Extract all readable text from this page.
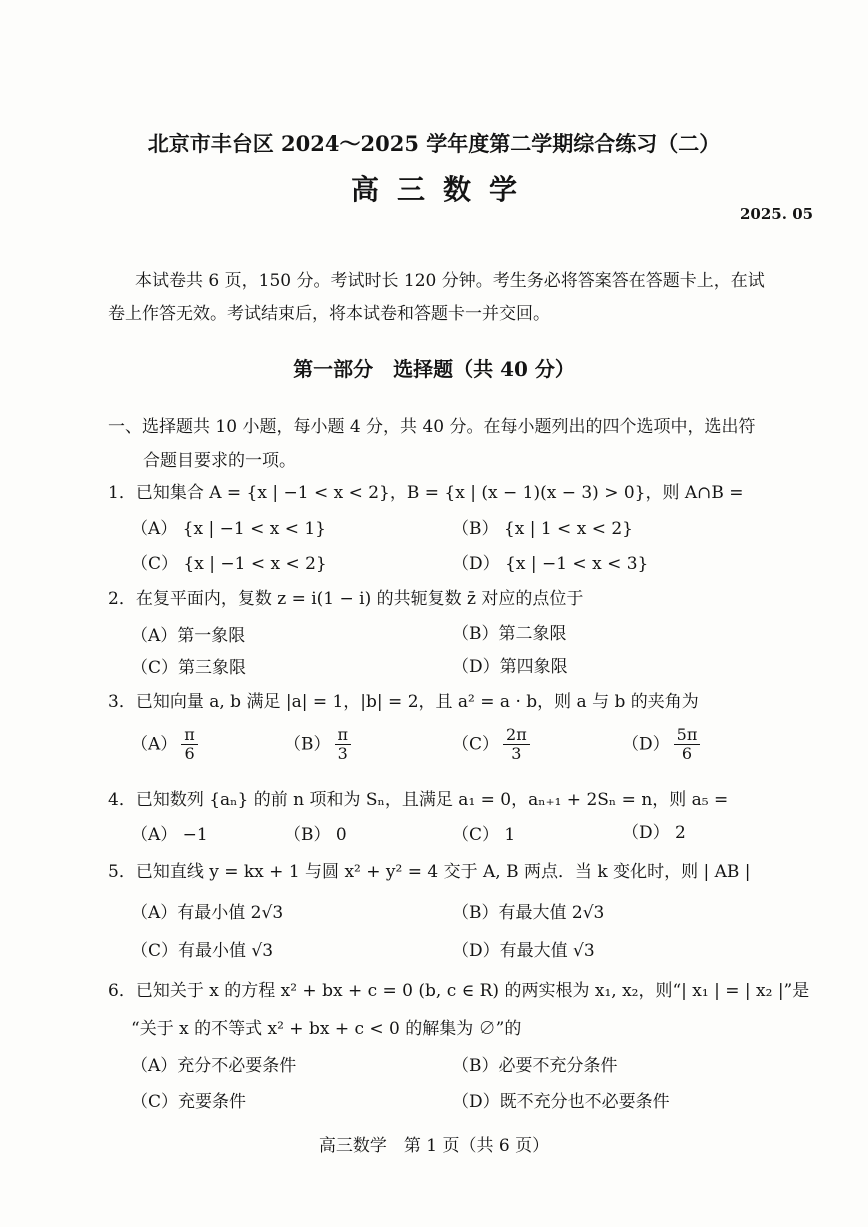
北京市丰台区 2024～2025 学年度第二学期综合练习（二）
高三数学
2025. 05
本试卷共 6 页，150 分。考试时长 120 分钟。考生务必将答案答在答题卡上，在试
卷上作答无效。考试结束后，将本试卷和答题卡一并交回。
第一部分　选择题（共 40 分）
一、选择题共 10 小题，每小题 4 分，共 40 分。在每小题列出的四个选项中，选出符
合题目要求的一项。
1．已知集合 A = {x | −1 < x < 2}，B = {x | (x − 1)(x − 3) > 0}，则 A∩B =
（A） {x | −1 < x < 1}	（B） {x | 1 < x < 2}
（C） {x | −1 < x < 2}	（D） {x | −1 < x < 3}
2．在复平面内，复数 z = i(1 − i) 的共轭复数 z̄ 对应的点位于
（A）第一象限	（B）第二象限
（C）第三象限	（D）第四象限
3．已知向量 a, b 满足 |a| = 1，|b| = 2，且 a² = a · b，则 a 与 b 的夹角为
$(A) \frac{\pi}{6}$	$(B) \frac{\pi}{3}$	$(C) \frac{2\pi}{3}$	$(D) \frac{5\pi}{6}$
4．已知数列 {aₙ} 的前 n 项和为 Sₙ，且满足 a₁ = 0，aₙ₊₁ + 2Sₙ = n，则 a₅ =
（A） −1	（B） 0	（C） 1	（D） 2
5．已知直线 y = kx + 1 与圆 x² + y² = 4 交于 A, B 两点．当 k 变化时，则 | AB |
（A）有最小值 2√3	（B）有最大值 2√3
（C）有最小值 √3	（D）有最大值 √3
6．已知关于 x 的方程 x² + bx + c = 0 (b, c ∈ R) 的两实根为 x₁, x₂，则“| x₁ | = | x₂ |”是
“关于 x 的不等式 x² + bx + c < 0 的解集为 ∅”的
（A）充分不必要条件	（B）必要不充分条件
（C）充要条件	（D）既不充分也不必要条件
高三数学　第 1 页（共 6 页）
